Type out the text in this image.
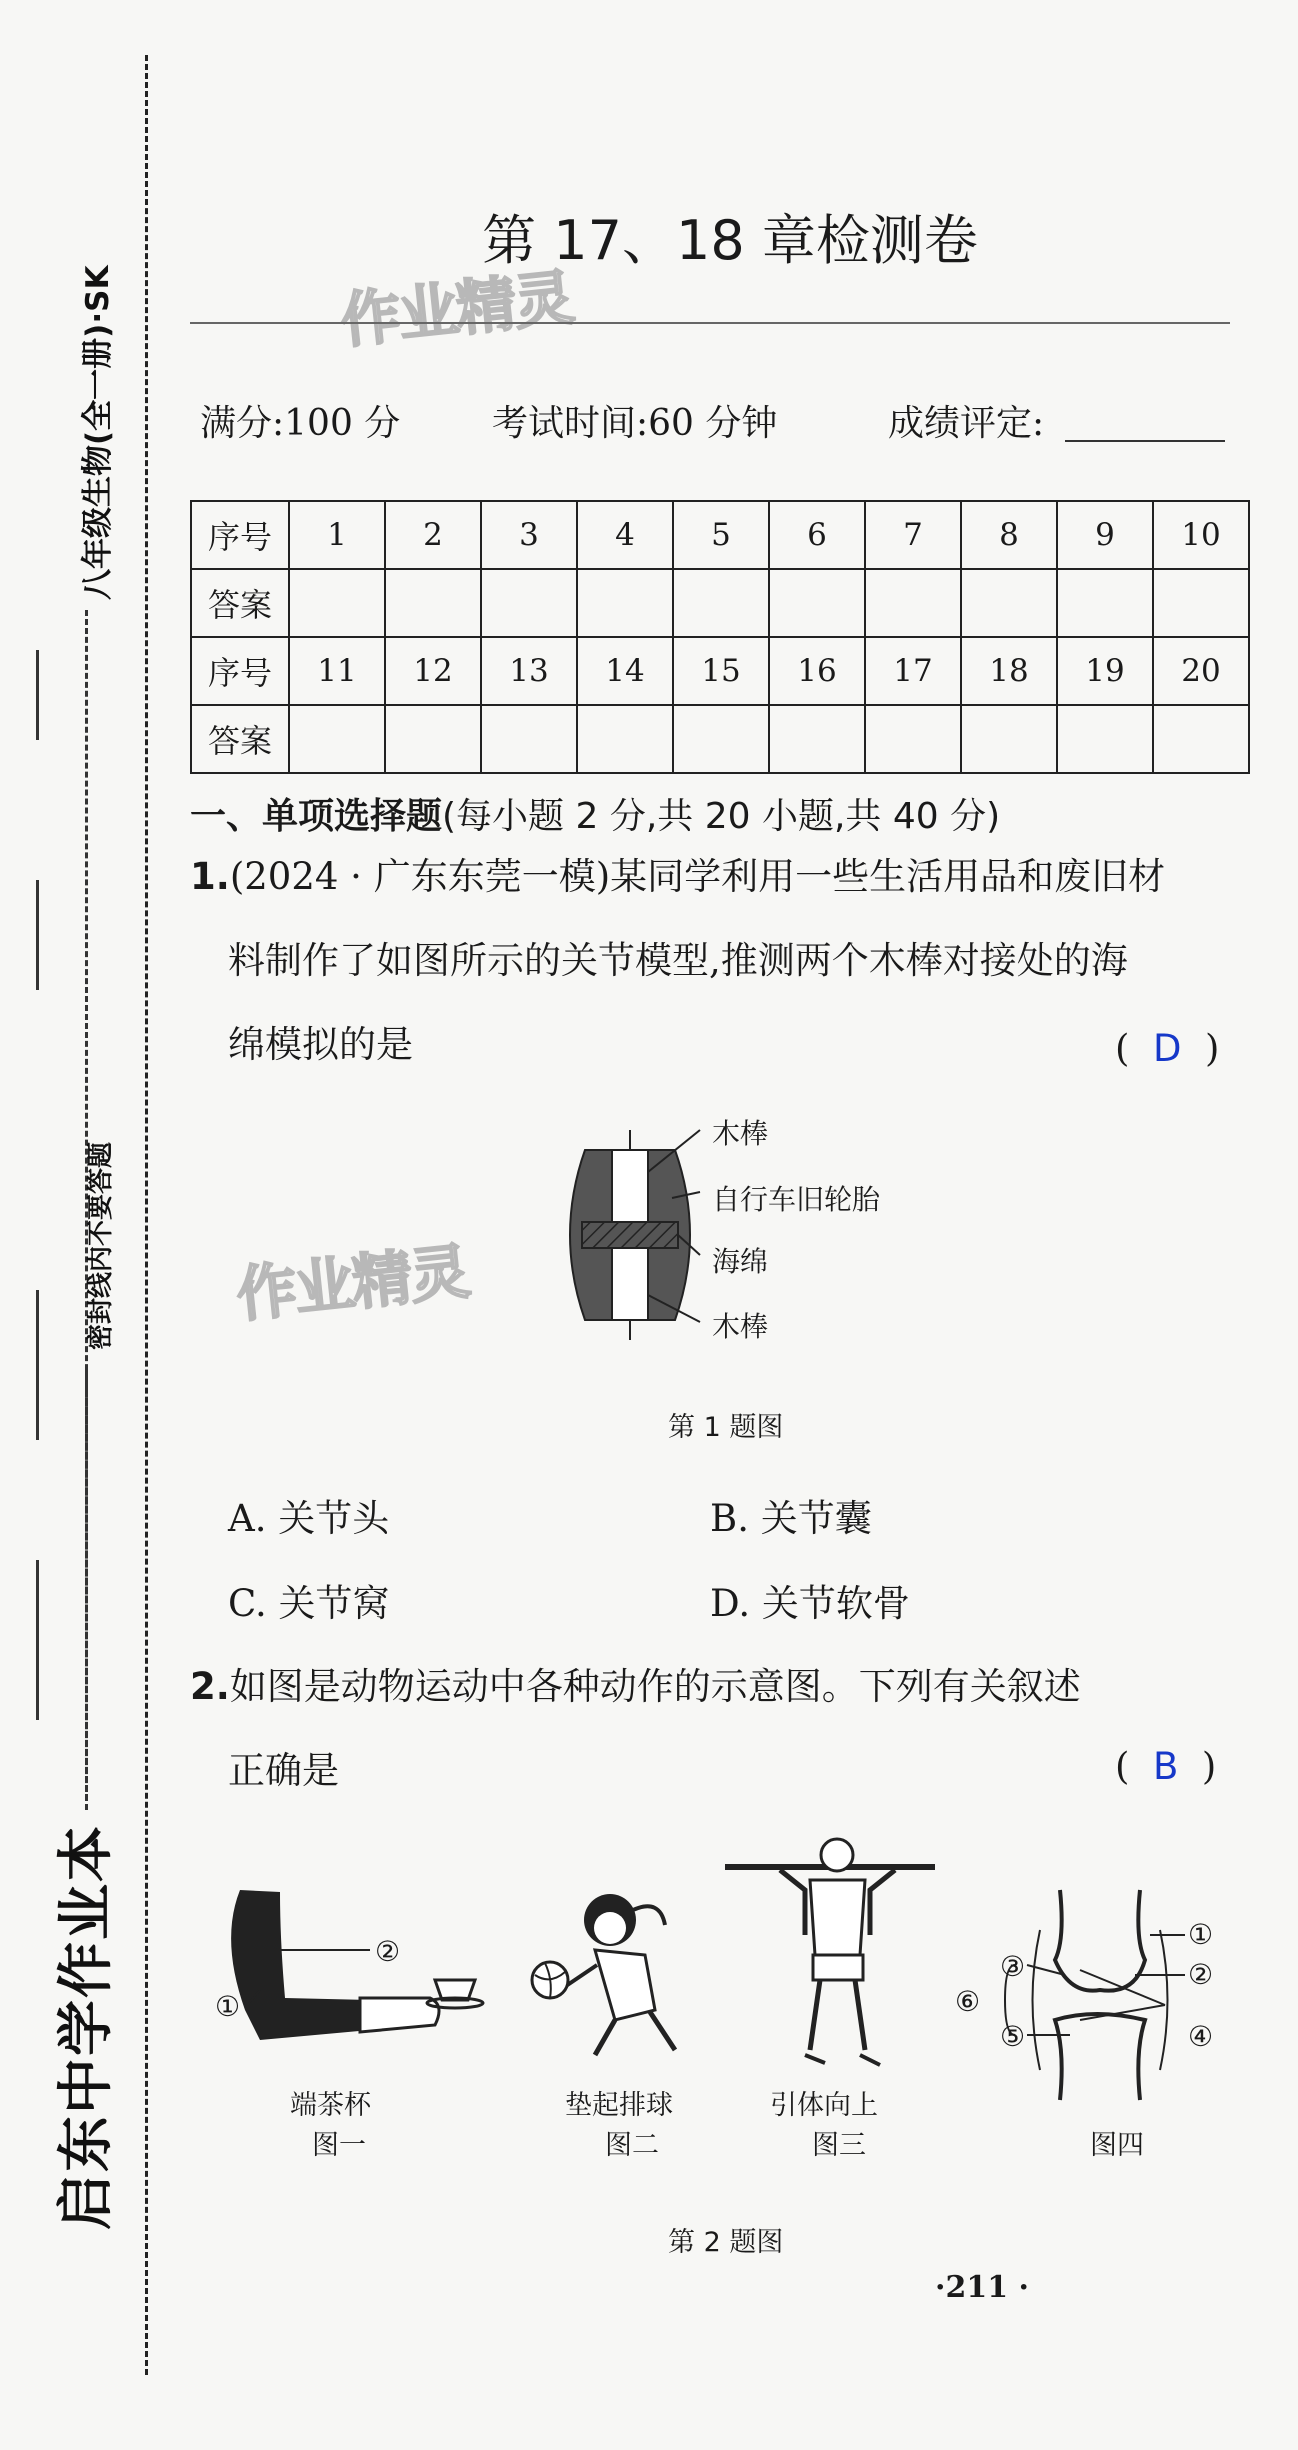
八年级生物(全一册)·SK
密封线内不要答题
启东中学作业本
第 17、18 章检测卷
作业精灵
满分:100 分	考试时间:60 分钟	成绩评定:
序号	1	2	3	4	5	6	7	8	9	10
答案										
序号	11	12	13	14	15	16	17	18	19	20
答案										
一、单项选择题(每小题 2 分,共 20 小题,共 40 分)
1.(2024 · 广东东莞一模)某同学利用一些生活用品和废旧材
料制作了如图所示的关节模型,推测两个木棒对接处的海
绵模拟的是	(  D  )
木棒
自行车旧轮胎
海绵
木棒
作业精灵
第 1 题图
A. 关节头	B. 关节囊
C. 关节窝	D. 关节软骨
2.如图是动物运动中各种动作的示意图。下列有关叙述
正确是	(  B  )
②
①
①
②
③
④
⑤
⑥
端茶杯
图一
垫起排球
图二
引体向上
图三	图四
第 2 题图
·211 ·
